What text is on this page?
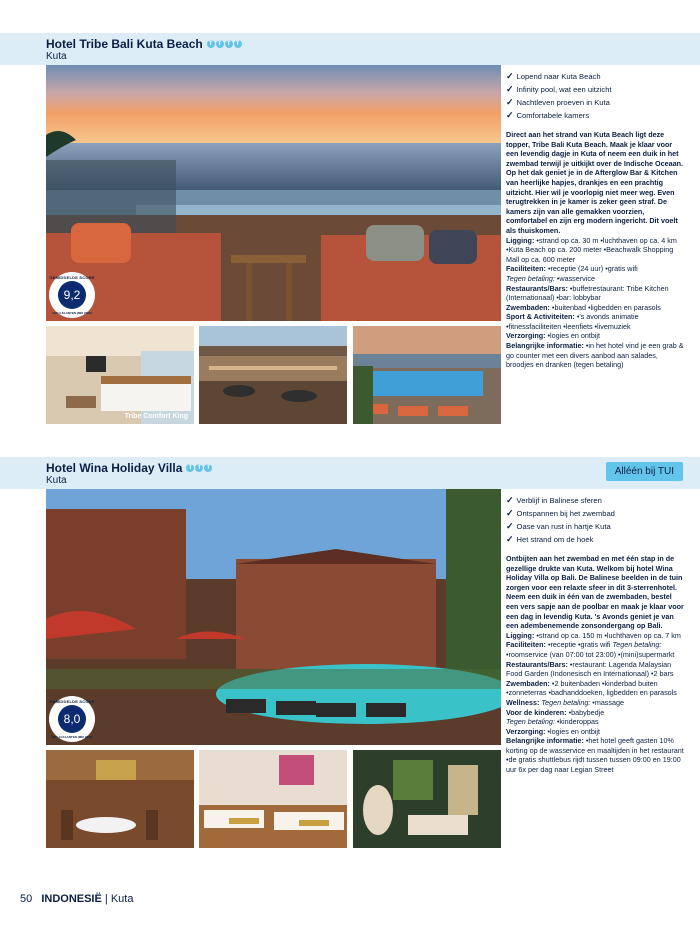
Hotel Tribe Bali Kuta Beach	T T T T
Kuta
GEMIDDELDE SCORE
9,2
VAN 9 KLANTEN (MEI 2022)
Tribe Comfort King
✓ Lopend naar Kuta Beach
✓ Infinity pool, wat een uitzicht
✓ Nachtleven proeven in Kuta
✓ Comfortabele kamers

Direct aan het strand van Kuta Beach ligt deze topper, Tribe Bali Kuta Beach. Maak je klaar voor een levendig dagje in Kuta of neem een duik in het zwembad terwijl je uitkijkt over de Indische Oceaan. Op het dak geniet je in de Afterglow Bar & Kitchen van heerlijke hapjes, drankjes en een prachtig uitzicht. Hier wil je voorlopig niet meer weg. Even terugtrekken in je kamer is zeker geen straf. De kamers zijn van alle gemakken voorzien, comfortabel en zijn erg modern ingericht. Dit voelt als thuiskomen.

Ligging: •strand op ca. 30 m •luchthaven op ca. 4 km •Kuta Beach op ca. 200 meter •Beachwalk Shopping Mall op ca. 600 meter

Faciliteiten: •receptie (24 uur) •gratis wifi
Tegen betaling: •wasservice

Restaurants/Bars: •buffetrestaurant: Tribe Kitchen (Internationaal) •bar: lobbybar

Zwembaden: •buitenbad •ligbedden en parasols

Sport & Activiteiten: •'s avonds animatie •fitnessfaciliteiten •leenfiets •livemuziek

Verzorging: •logies en ontbijt

Belangrijke informatie: •in het hotel vind je een grab & go counter met een divers aanbod aan salades, broodjes en dranken (tegen betaling)

Hotel Wina Holiday Villa	T T T
Kuta
Alléén bij TUI
GEMIDDELDE SCORE
8,0
VAN 14 KLANTEN (MEI 2022)
✓ Verblijf in Balinese sferen
✓ Ontspannen bij het zwembad
✓ Oase van rust in hartje Kuta
✓ Het strand om de hoek

Ontbijten aan het zwembad en met één stap in de gezellige drukte van Kuta. Welkom bij hotel Wina Holiday Villa op Bali. De Balinese beelden in de tuin zorgen voor een relaxte sfeer in dit 3-sterrenhotel. Neem een duik in één van de zwembaden, bestel een vers sapje aan de poolbar en maak je klaar voor een dag in levendig Kuta. 's Avonds geniet je van een adembenemende zonsondergang op Bali.

Ligging: •strand op ca. 150 m •luchthaven op ca. 7 km

Faciliteiten: •receptie •gratis wifi Tegen betaling: •roomservice (van 07:00 tot 23:00) •(mini)supermarkt Restaurants/Bars: •restaurant: Lagenda Malaysian Food Garden (Indonesisch en Internationaal) •2 bars

Zwembaden: •2 buitenbaden •kinderbad buiten •zonneterras •badhanddoeken, ligbedden en parasols

Wellness: Tegen betaling: •massage

Voor de kinderen: •babybedje
Tegen betaling: •kinderoppas

Verzorging: •logies en ontbijt

Belangrijke informatie: •het hotel geeft gasten 10% korting op de wasservice en maaltijden in het restaurant •de gratis shuttlebus rijdt tussen tussen 09:00 en 19:00 uur 6x per dag naar Legian Street

50 INDONESIË | Kuta
